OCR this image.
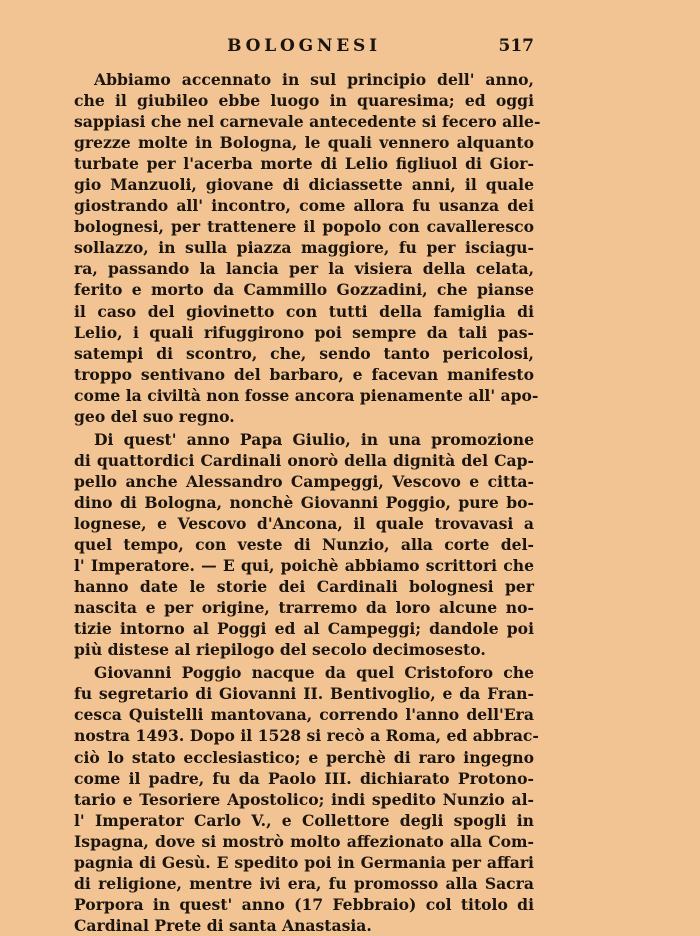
BOLOGNESI	517
Abbiamo accennato in sul principio dell' anno,
che il giubileo ebbe luogo in quaresima; ed oggi
sappiasi che nel carnevale antecedente si fecero alle-
grezze molte in Bologna, le quali vennero alquanto
turbate per l'acerba morte di Lelio figliuol di Gior-
gio Manzuoli, giovane di diciassette anni, il quale
giostrando all' incontro, come allora fu usanza dei
bolognesi, per trattenere il popolo con cavalleresco
sollazzo, in sulla piazza maggiore, fu per isciagu-
ra, passando la lancia per la visiera della celata,
ferito e morto da Cammillo Gozzadini, che pianse
il caso del giovinetto con tutti della famiglia di
Lelio, i quali rifuggirono poi sempre da tali pas-
satempi di scontro, che, sendo tanto pericolosi,
troppo sentivano del barbaro, e facevan manifesto
come la civiltà non fosse ancora pienamente all' apo-
geo del suo regno.
Di quest' anno Papa Giulio, in una promozione
di quattordici Cardinali onorò della dignità del Cap-
pello anche Alessandro Campeggi, Vescovo e citta-
dino di Bologna, nonchè Giovanni Poggio, pure bo-
lognese, e Vescovo d'Ancona, il quale trovavasi a
quel tempo, con veste di Nunzio, alla corte del-
l' Imperatore. — E qui, poichè abbiamo scrittori che
hanno date le storie dei Cardinali bolognesi per
nascita e per origine, trarremo da loro alcune no-
tizie intorno al Poggi ed al Campeggi; dandole poi
più distese al riepilogo del secolo decimosesto.
Giovanni Poggio nacque da quel Cristoforo che
fu segretario di Giovanni II. Bentivoglio, e da Fran-
cesca Quistelli mantovana, correndo l'anno dell'Era
nostra 1493. Dopo il 1528 si recò a Roma, ed abbrac-
ciò lo stato ecclesiastico; e perchè di raro ingegno
come il padre, fu da Paolo III. dichiarato Protono-
tario e Tesoriere Apostolico; indi spedito Nunzio al-
l' Imperator Carlo V., e Collettore degli spogli in
Ispagna, dove si mostrò molto affezionato alla Com-
pagnia di Gesù. E spedito poi in Germania per affari
di religione, mentre ivi era, fu promosso alla Sacra
Porpora in quest' anno (17 Febbraio) col titolo di
Cardinal Prete di santa Anastasia.
